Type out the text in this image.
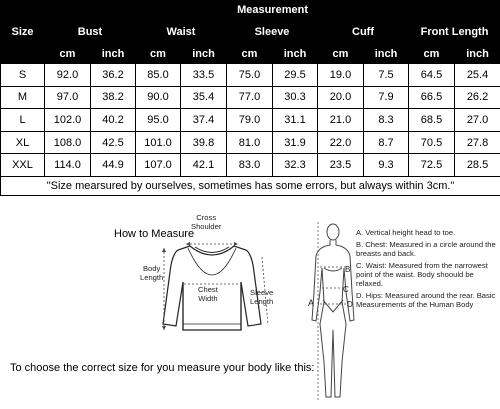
Size	Measurement									
	Bust		Waist		Sleeve		Cuff		Front Length	
	cm	inch	cm	inch	cm	inch	cm	inch	cm	inch
S	92.0	36.2	85.0	33.5	75.0	29.5	19.0	7.5	64.5	25.4
M	97.0	38.2	90.0	35.4	77.0	30.3	20.0	7.9	66.5	26.2
L	102.0	40.2	95.0	37.4	79.0	31.1	21.0	8.3	68.5	27.0
XL	108.0	42.5	101.0	39.8	81.0	31.9	22.0	8.7	70.5	27.8
XXL	114.0	44.9	107.0	42.1	83.0	32.3	23.5	9.3	72.5	28.5
"Size mearsured by ourselves, sometimes has some errors, but always within 3cm."										
How to Measure
A
B
C
D
Cross
Shoulder
Body
Length
Chest
Width
Sleeve
Length
To choose the correct size for you measure your body like this:

A. Vertical height head to toe.

B. Chest: Measured in a circle around the breasts and back.

C. Waist: Measured from the narrowest point of the waist. Body shoould be relaxed.

D. Hips: Measured around the rear. Basic Measurements of the Human Body
